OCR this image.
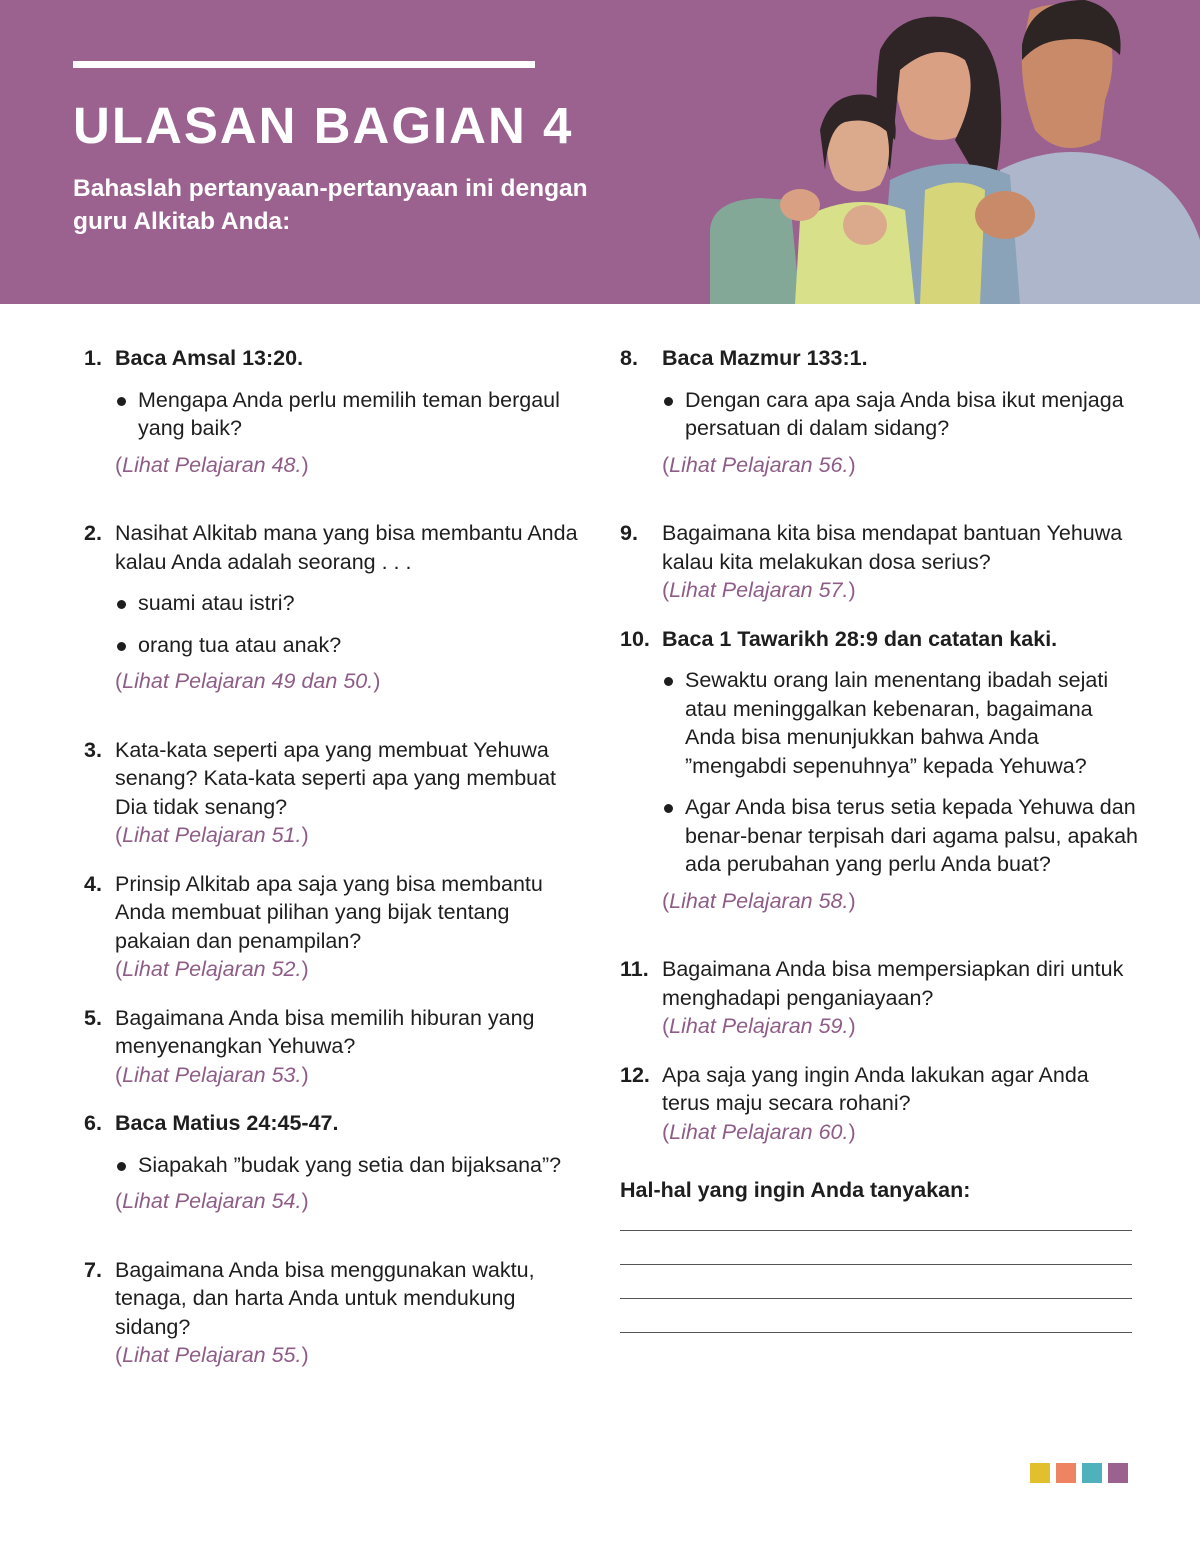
ULASAN BAGIAN 4

Bahaslah pertanyaan-pertanyaan ini dengan guru Alkitab Anda:

1. Baca Amsal 13:20.
Mengapa Anda perlu memilih teman bergaul yang baik?
(Lihat Pelajaran 48.)
2. Nasihat Alkitab mana yang bisa membantu Anda kalau Anda adalah seorang . . .
suami atau istri?
orang tua atau anak?
(Lihat Pelajaran 49 dan 50.)
3. Kata-kata seperti apa yang membuat Yehuwa senang? Kata-kata seperti apa yang membuat Dia tidak senang?
(Lihat Pelajaran 51.)
4. Prinsip Alkitab apa saja yang bisa membantu Anda membuat pilihan yang bijak tentang pakaian dan penampilan?
(Lihat Pelajaran 52.)
5. Bagaimana Anda bisa memilih hiburan yang menyenangkan Yehuwa?
(Lihat Pelajaran 53.)
6. Baca Matius 24:45-47.
Siapakah ”budak yang setia dan bijaksana”?
(Lihat Pelajaran 54.)
7. Bagaimana Anda bisa menggunakan waktu, tenaga, dan harta Anda untuk mendukung sidang?
(Lihat Pelajaran 55.)
8. Baca Mazmur 133:1.
Dengan cara apa saja Anda bisa ikut menjaga persatuan di dalam sidang?
(Lihat Pelajaran 56.)
9. Bagaimana kita bisa mendapat bantuan Yehuwa kalau kita melakukan dosa serius?
(Lihat Pelajaran 57.)
10. Baca 1 Tawarikh 28:9 dan catatan kaki.
Sewaktu orang lain menentang ibadah sejati atau meninggalkan kebenaran, bagaimana Anda bisa menunjukkan bahwa Anda ”mengabdi sepenuhnya” kepada Yehuwa?
Agar Anda bisa terus setia kepada Yehuwa dan benar-benar terpisah dari agama palsu, apakah ada perubahan yang perlu Anda buat?
(Lihat Pelajaran 58.)
11. Bagaimana Anda bisa mempersiapkan diri untuk menghadapi penganiayaan?
(Lihat Pelajaran 59.)
12. Apa saja yang ingin Anda lakukan agar Anda terus maju secara rohani?
(Lihat Pelajaran 60.)
Hal-hal yang ingin Anda tanyakan:
